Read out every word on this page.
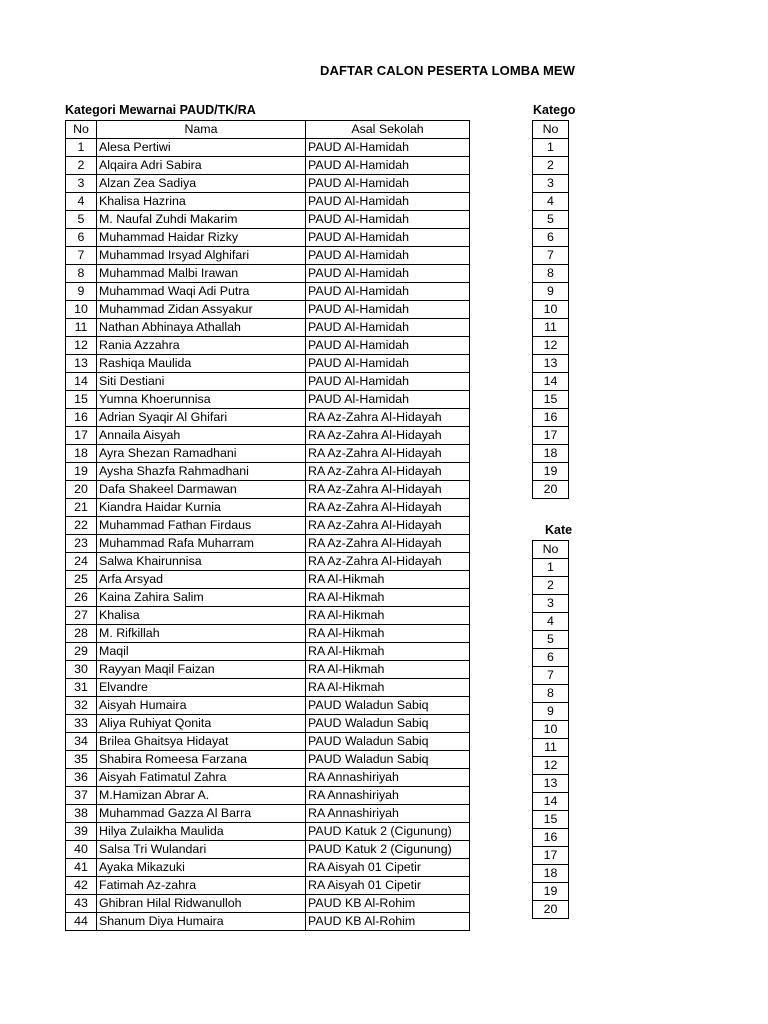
DAFTAR CALON PESERTA LOMBA MEW
Kategori Mewarnai PAUD/TK/RA	Katego
Kate
No	Nama	Asal Sekolah
1	Alesa Pertiwi	PAUD Al-Hamidah
2	Alqaira Adri Sabira	PAUD Al-Hamidah
3	Alzan Zea Sadiya	PAUD Al-Hamidah
4	Khalisa Hazrina	PAUD Al-Hamidah
5	M. Naufal Zuhdi Makarim	PAUD Al-Hamidah
6	Muhammad Haidar Rizky	PAUD Al-Hamidah
7	Muhammad Irsyad Alghifari	PAUD Al-Hamidah
8	Muhammad Malbi Irawan	PAUD Al-Hamidah
9	Muhammad Waqi Adi Putra	PAUD Al-Hamidah
10	Muhammad Zidan Assyakur	PAUD Al-Hamidah
11	Nathan Abhinaya Athallah	PAUD Al-Hamidah
12	Rania Azzahra	PAUD Al-Hamidah
13	Rashiqa Maulida	PAUD Al-Hamidah
14	Siti Destiani	PAUD Al-Hamidah
15	Yumna Khoerunnisa	PAUD Al-Hamidah
16	Adrian Syaqir Al Ghifari	RA Az-Zahra Al-Hidayah
17	Annaila Aisyah	RA Az-Zahra Al-Hidayah
18	Ayra Shezan Ramadhani	RA Az-Zahra Al-Hidayah
19	Aysha Shazfa Rahmadhani	RA Az-Zahra Al-Hidayah
20	Dafa Shakeel Darmawan	RA Az-Zahra Al-Hidayah
21	Kiandra Haidar Kurnia	RA Az-Zahra Al-Hidayah
22	Muhammad Fathan Firdaus	RA Az-Zahra Al-Hidayah
23	Muhammad Rafa Muharram	RA Az-Zahra Al-Hidayah
24	Salwa Khairunnisa	RA Az-Zahra Al-Hidayah
25	Arfa Arsyad	RA Al-Hikmah
26	Kaina Zahira Salim	RA Al-Hikmah
27	Khalisa	RA Al-Hikmah
28	M. Rifkillah	RA Al-Hikmah
29	Maqil	RA Al-Hikmah
30	Rayyan Maqil Faizan	RA Al-Hikmah
31	Elvandre	RA Al-Hikmah
32	Aisyah Humaira	PAUD Waladun Sabiq
33	Aliya Ruhiyat Qonita	PAUD Waladun Sabiq
34	Brilea Ghaitsya Hidayat	PAUD Waladun Sabiq
35	Shabira Romeesa Farzana	PAUD Waladun Sabiq
36	Aisyah Fatimatul Zahra	RA Annashiriyah
37	M.Hamizan Abrar A.	RA Annashiriyah
38	Muhammad Gazza Al Barra	RA Annashiriyah
39	Hilya Zulaikha Maulida	PAUD Katuk 2 (Cigunung)
40	Salsa Tri Wulandari	PAUD Katuk 2 (Cigunung)
41	Ayaka Mikazuki	RA Aisyah 01 Cipetir
42	Fatimah Az-zahra	RA Aisyah 01 Cipetir
43	Ghibran Hilal Ridwanulloh	PAUD KB Al-Rohim
44	Shanum Diya Humaira	PAUD KB Al-Rohim
No
1
2
3
4
5
6
7
8
9
10
11
12
13
14
15
16
17
18
19
20
No
1
2
3
4
5
6
7
8
9
10
11
12
13
14
15
16
17
18
19
20
